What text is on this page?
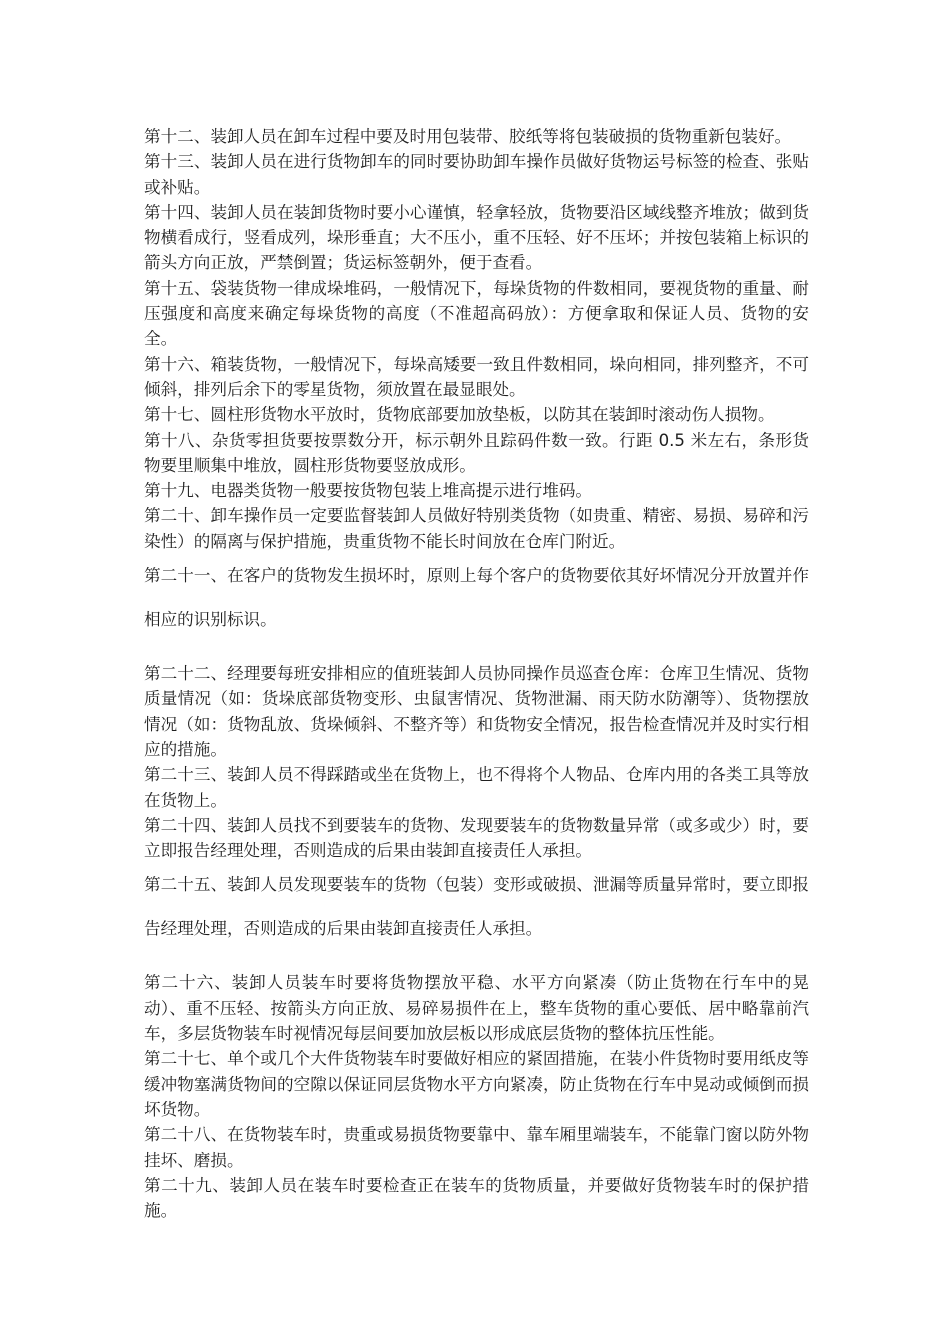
第十二、装卸人员在卸车过程中要及时用包装带、胶纸等将包装破损的货物重新包装好。

第十三、装卸人员在进行货物卸车的同时要协助卸车操作员做好货物运号标签的检查、张贴或补贴。

第十四、装卸人员在装卸货物时要小心谨慎，轻拿轻放，货物要沿区域线整齐堆放；做到货物横看成行，竖看成列，垛形垂直；大不压小，重不压轻、好不压坏；并按包装箱上标识的箭头方向正放，严禁倒置；货运标签朝外，便于查看。

第十五、袋装货物一律成垛堆码，一般情况下，每垛货物的件数相同，要视货物的重量、耐压强度和高度来确定每垛货物的高度（不准超高码放）：方便拿取和保证人员、货物的安全。

第十六、箱装货物，一般情况下，每垛高矮要一致且件数相同，垛向相同，排列整齐，不可倾斜，排列后余下的零星货物，须放置在最显眼处。

第十七、圆柱形货物水平放时，货物底部要加放垫板，以防其在装卸时滚动伤人损物。

第十八、杂货零担货要按票数分开，标示朝外且踪码件数一致。行距 0.5 米左右，条形货物要里顺集中堆放，圆柱形货物要竖放成形。

第十九、电器类货物一般要按货物包装上堆高提示进行堆码。

第二十、卸车操作员一定要监督装卸人员做好特别类货物（如贵重、精密、易损、易碎和污染性）的隔离与保护措施，贵重货物不能长时间放在仓库门附近。

第二十一、在客户的货物发生损坏时，原则上每个客户的货物要依其好坏情况分开放置并作相应的识别标识。

第二十二、经理要每班安排相应的值班装卸人员协同操作员巡查仓库：仓库卫生情况、货物质量情况（如：货垛底部货物变形、虫鼠害情况、货物泄漏、雨天防水防潮等）、货物摆放情况（如：货物乱放、货垛倾斜、不整齐等）和货物安全情况，报告检查情况并及时实行相应的措施。

第二十三、装卸人员不得踩踏或坐在货物上，也不得将个人物品、仓库内用的各类工具等放在货物上。

第二十四、装卸人员找不到要装车的货物、发现要装车的货物数量异常（或多或少）时，要立即报告经理处理，否则造成的后果由装卸直接责任人承担。

第二十五、装卸人员发现要装车的货物（包装）变形或破损、泄漏等质量异常时，要立即报告经理处理，否则造成的后果由装卸直接责任人承担。

第二十六、装卸人员装车时要将货物摆放平稳、水平方向紧凑（防止货物在行车中的晃动）、重不压轻、按箭头方向正放、易碎易损件在上，整车货物的重心要低、居中略靠前汽车，多层货物装车时视情况每层间要加放层板以形成底层货物的整体抗压性能。

第二十七、单个或几个大件货物装车时要做好相应的紧固措施，在装小件货物时要用纸皮等缓冲物塞满货物间的空隙以保证同层货物水平方向紧凑，防止货物在行车中晃动或倾倒而损坏货物。

第二十八、在货物装车时，贵重或易损货物要靠中、靠车厢里端装车，不能靠门窗以防外物挂坏、磨损。

第二十九、装卸人员在装车时要检查正在装车的货物质量，并要做好货物装车时的保护措施。
